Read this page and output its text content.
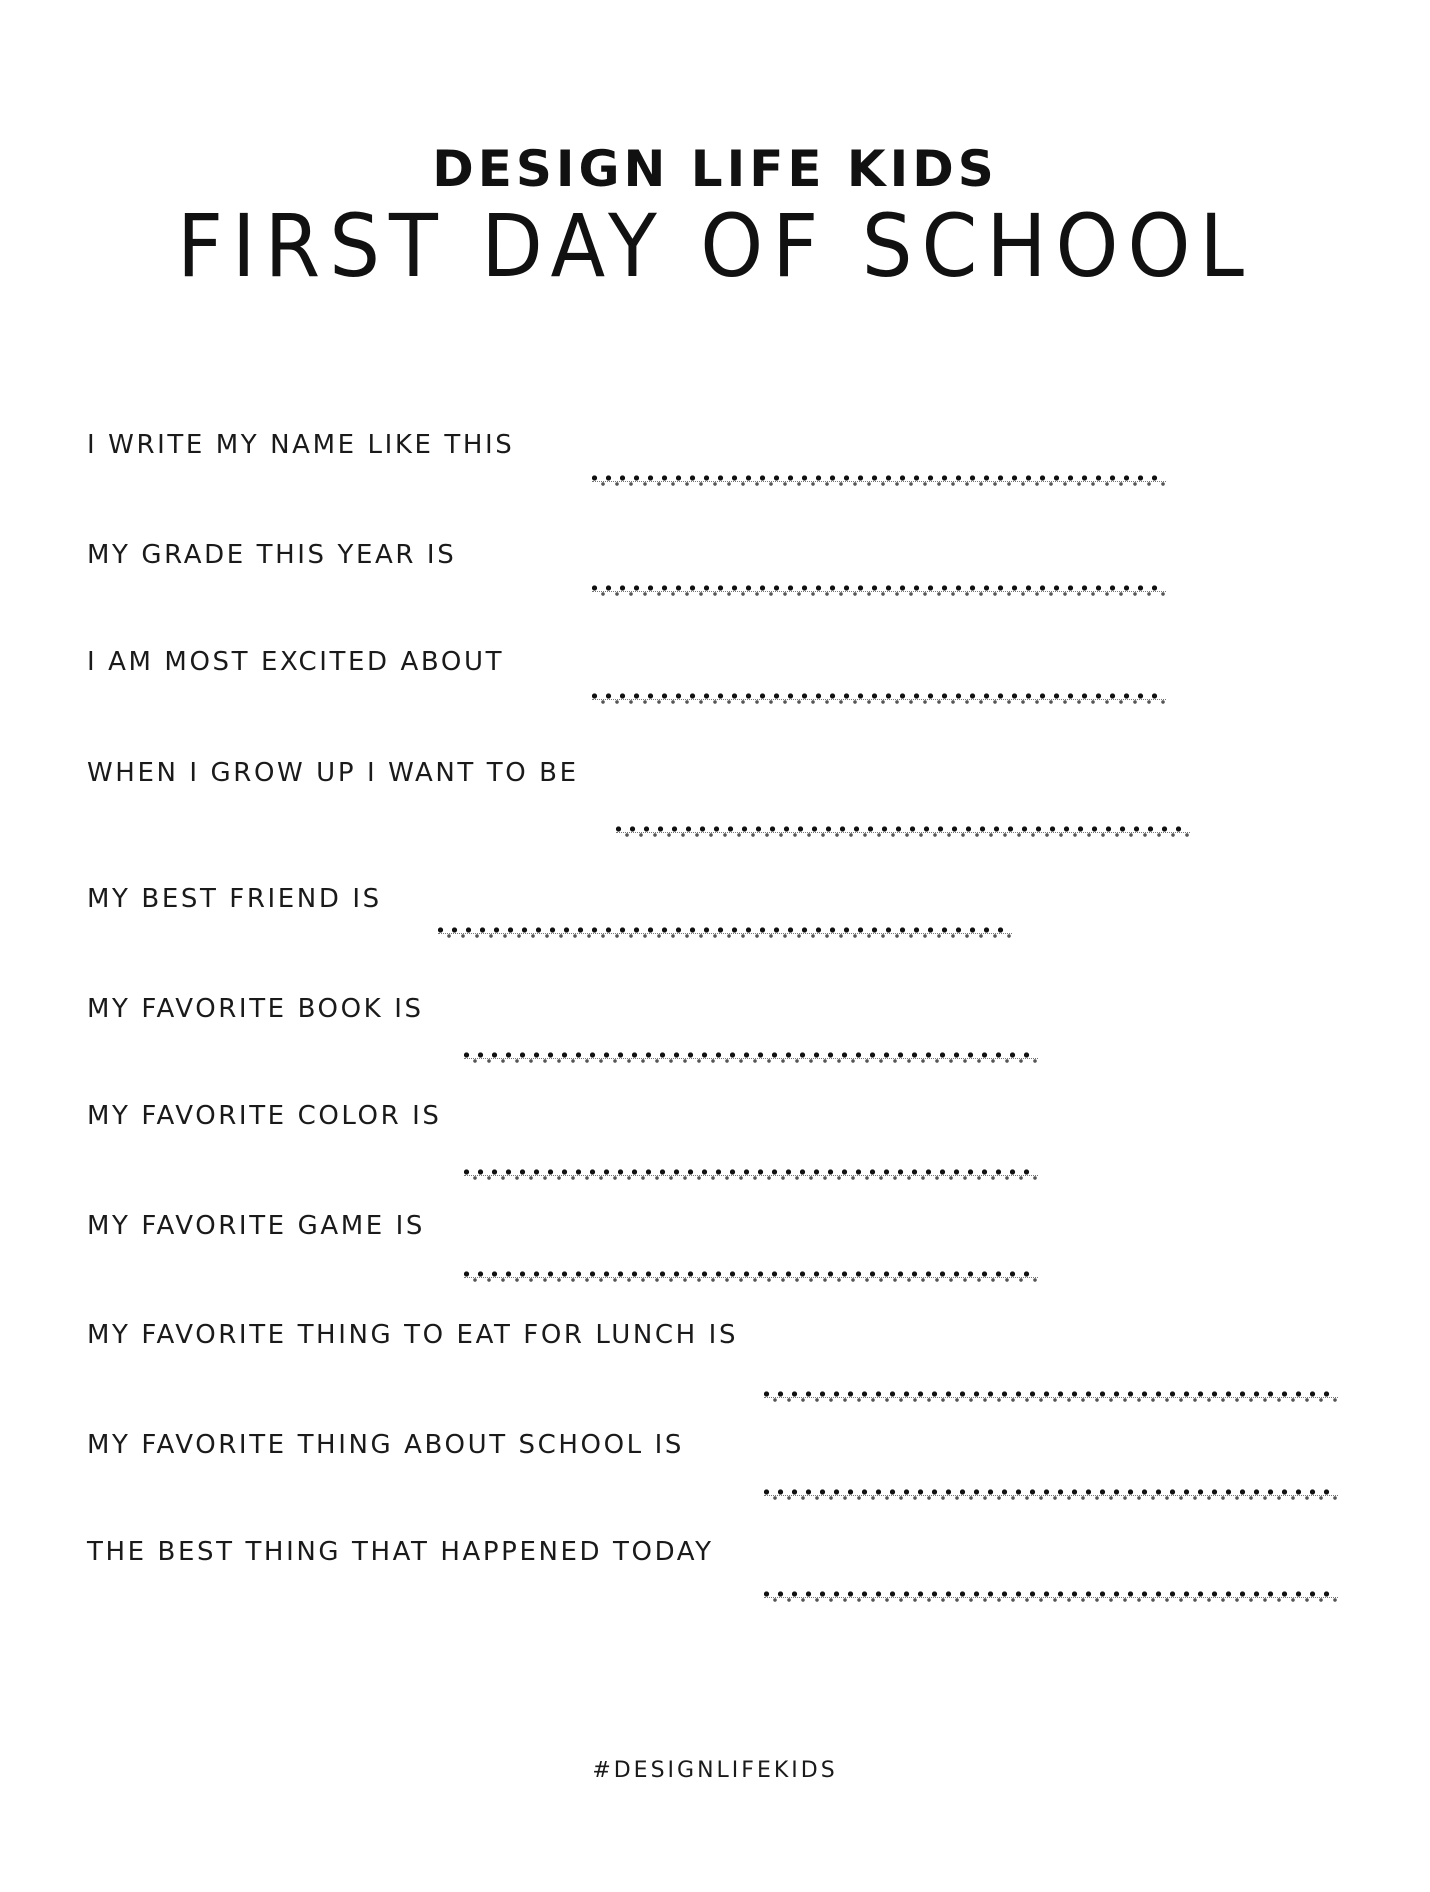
DESIGN LIFE KIDS
FIRST DAY OF SCHOOL
I WRITE MY NAME LIKE THIS
MY GRADE THIS YEAR IS
I AM MOST EXCITED ABOUT
WHEN I GROW UP I WANT TO BE
MY BEST FRIEND IS
MY FAVORITE BOOK IS
MY FAVORITE COLOR IS
MY FAVORITE GAME IS
MY FAVORITE THING TO EAT FOR LUNCH IS
MY FAVORITE THING ABOUT SCHOOL IS
THE BEST THING THAT HAPPENED TODAY
#DESIGNLIFEKIDS
